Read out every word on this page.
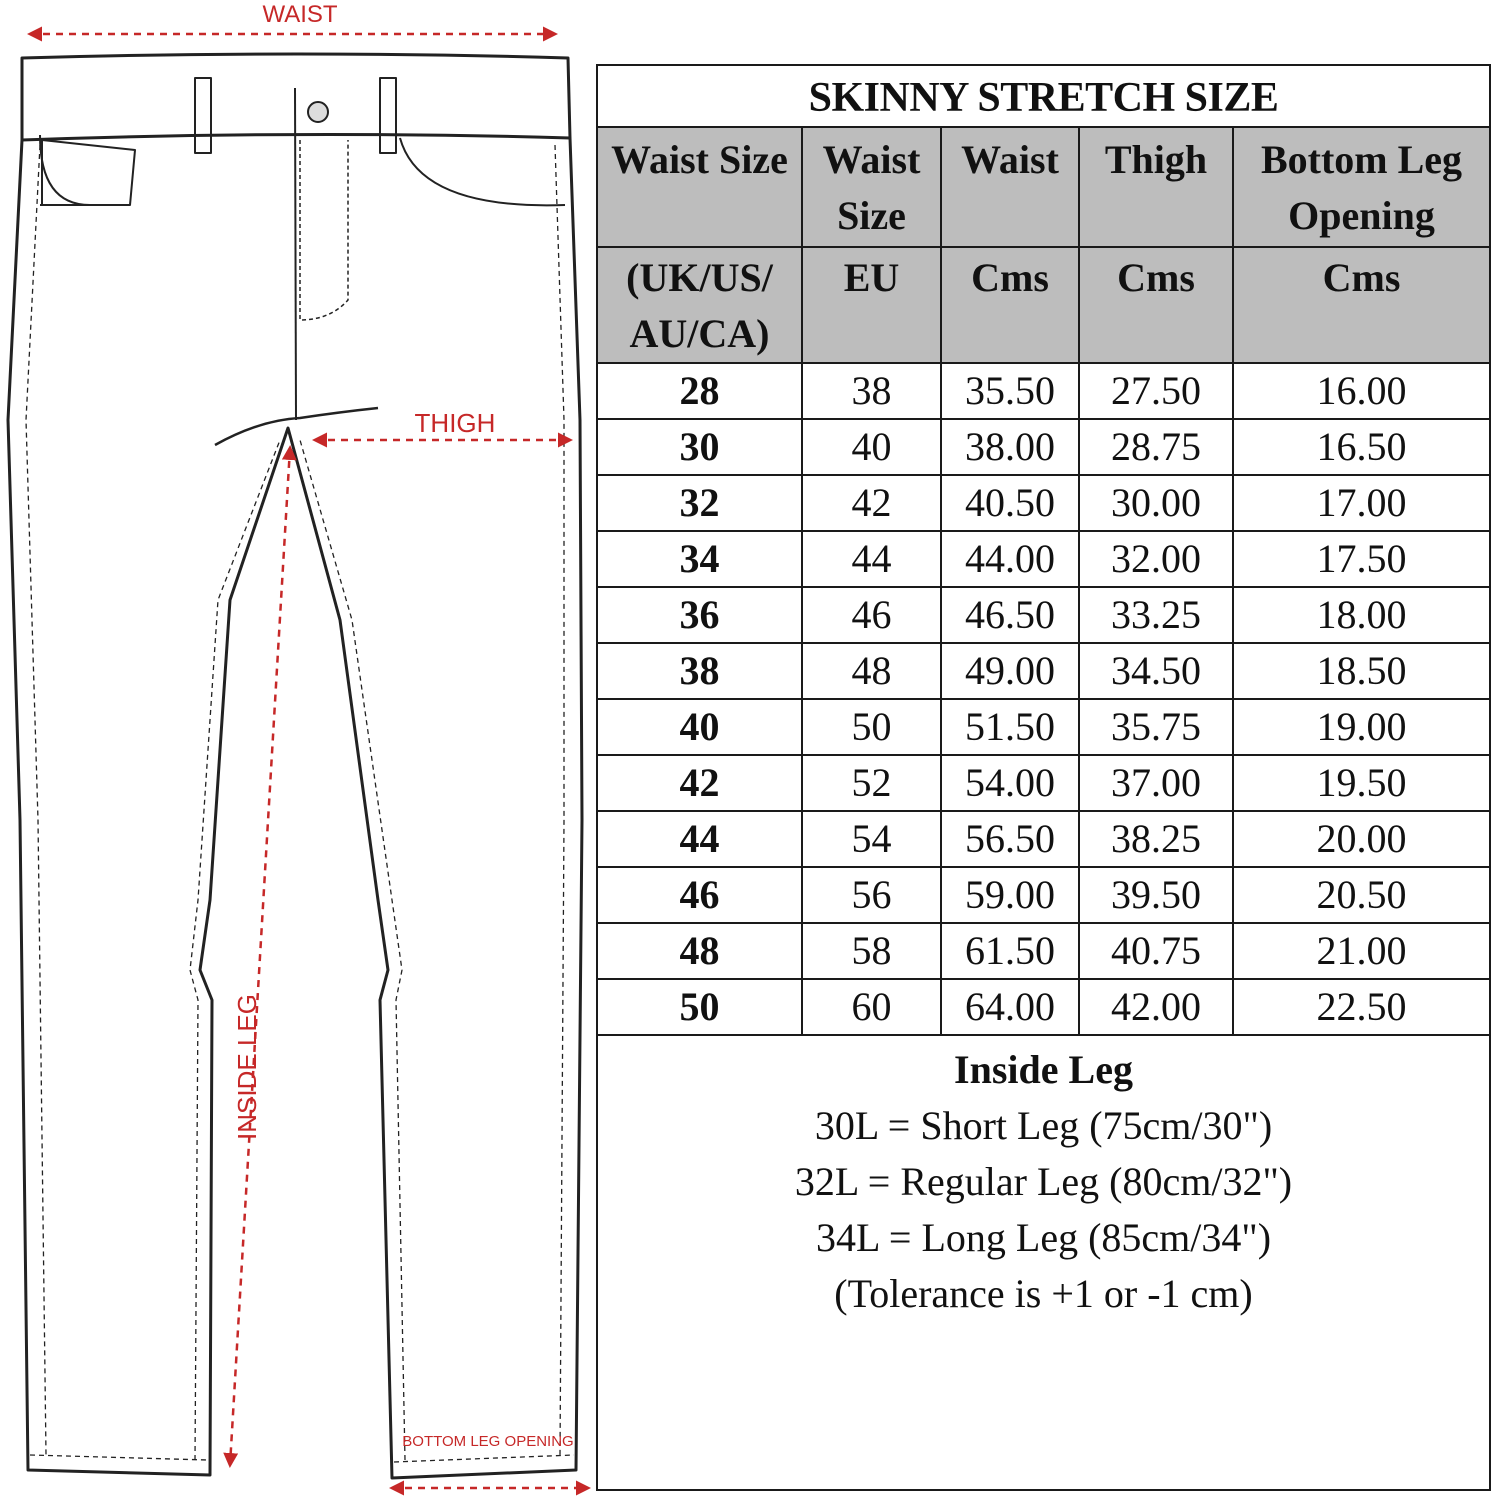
WAIST
THIGH
INSIDE LEG
BOTTOM LEG OPENING
SKINNY STRETCH SIZE
Waist Size	Waist Size	Waist	Thigh	Bottom Leg Opening
(UK/US/ AU/CA)	EU	Cms	Cms	Cms
28	38	35.50	27.50	16.00
30	40	38.00	28.75	16.50
32	42	40.50	30.00	17.00
34	44	44.00	32.00	17.50
36	46	46.50	33.25	18.00
38	48	49.00	34.50	18.50
40	50	51.50	35.75	19.00
42	52	54.00	37.00	19.50
44	54	56.50	38.25	20.00
46	56	59.00	39.50	20.50
48	58	61.50	40.75	21.00
50	60	64.00	42.00	22.50
Inside Leg
30L = Short Leg (75cm/30")
32L = Regular Leg (80cm/32")
34L = Long Leg (85cm/34")
(Tolerance is +1 or -1 cm)
